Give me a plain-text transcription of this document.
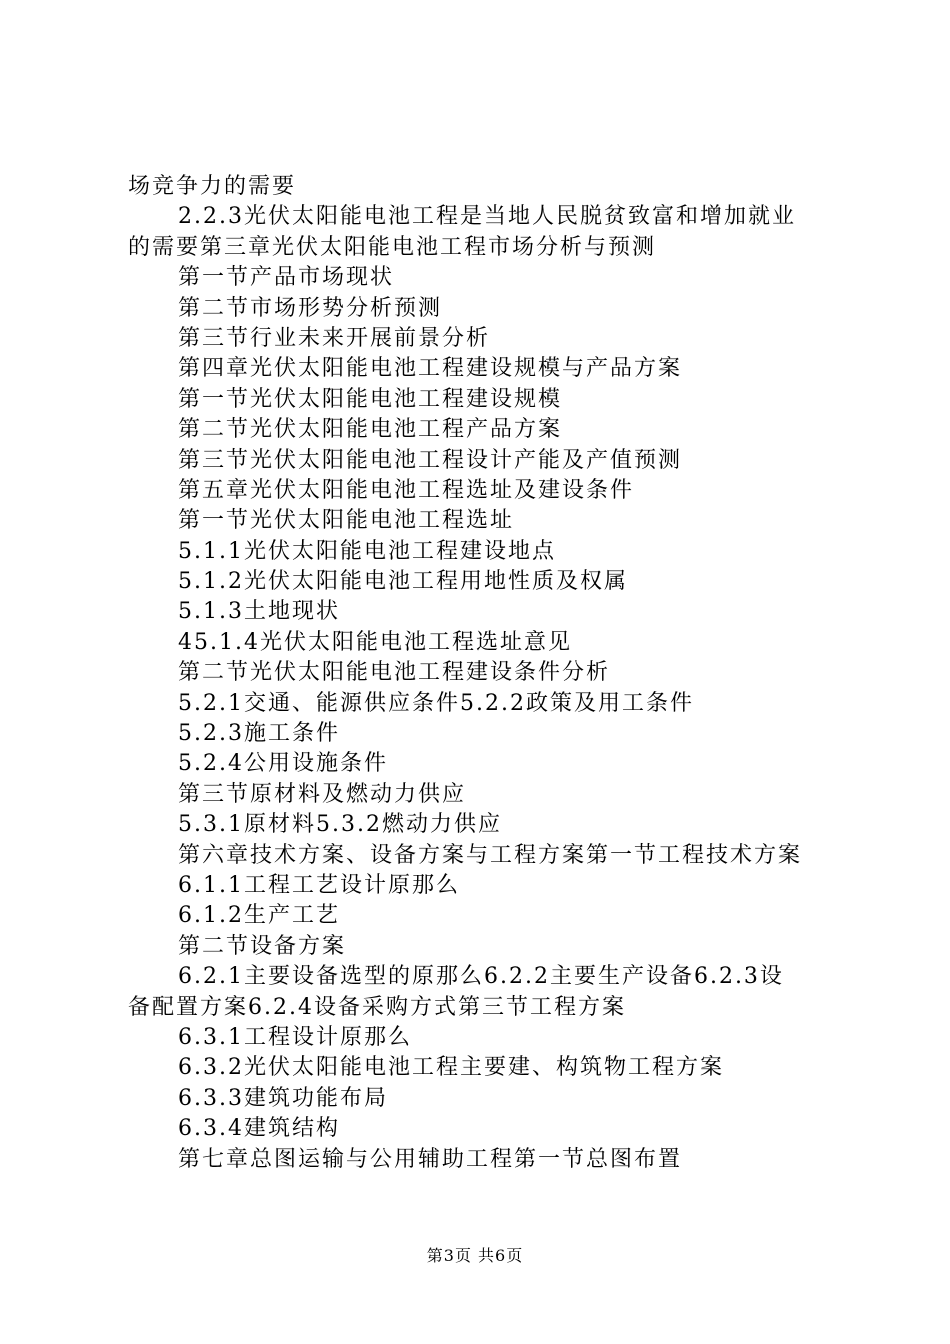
场竞争力的需要
2.2.3光伏太阳能电池工程是当地人民脱贫致富和增加就业
的需要第三章光伏太阳能电池工程市场分析与预测
第一节产品市场现状
第二节市场形势分析预测
第三节行业未来开展前景分析
第四章光伏太阳能电池工程建设规模与产品方案
第一节光伏太阳能电池工程建设规模
第二节光伏太阳能电池工程产品方案
第三节光伏太阳能电池工程设计产能及产值预测
第五章光伏太阳能电池工程选址及建设条件
第一节光伏太阳能电池工程选址
5.1.1光伏太阳能电池工程建设地点
5.1.2光伏太阳能电池工程用地性质及权属
5.1.3土地现状
45.1.4光伏太阳能电池工程选址意见
第二节光伏太阳能电池工程建设条件分析
5.2.1交通、能源供应条件5.2.2政策及用工条件
5.2.3施工条件
5.2.4公用设施条件
第三节原材料及燃动力供应
5.3.1原材料5.3.2燃动力供应
第六章技术方案、设备方案与工程方案第一节工程技术方案
6.1.1工程工艺设计原那么
6.1.2生产工艺
第二节设备方案
6.2.1主要设备选型的原那么6.2.2主要生产设备6.2.3设
备配置方案6.2.4设备采购方式第三节工程方案
6.3.1工程设计原那么
6.3.2光伏太阳能电池工程主要建、构筑物工程方案
6.3.3建筑功能布局
6.3.4建筑结构
第七章总图运输与公用辅助工程第一节总图布置
第3页 共6页
